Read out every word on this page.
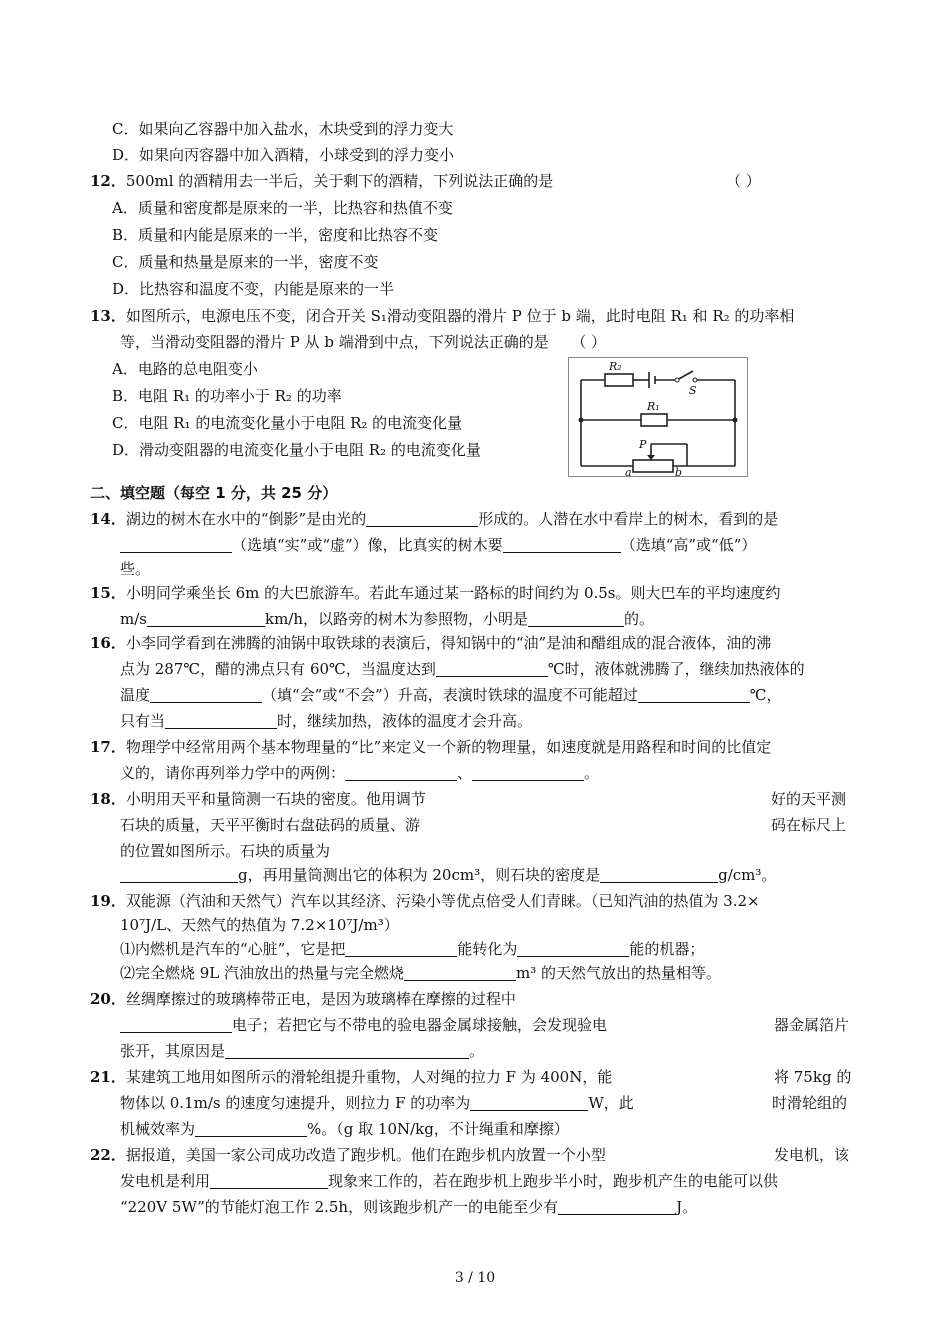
C．如果向乙容器中加入盐水，木块受到的浮力变大
D．如果向丙容器中加入酒精，小球受到的浮力变小
12．500ml 的酒精用去一半后，关于剩下的酒精，下列说法正确的是	（ ）
A．质量和密度都是原来的一半，比热容和热值不变
B．质量和内能是原来的一半，密度和比热容不变
C．质量和热量是原来的一半，密度不变
D．比热容和温度不变，内能是原来的一半
13．如图所示，电源电压不变，闭合开关 S₁滑动变阻器的滑片 P 位于 b 端，此时电阻 R₁ 和 R₂ 的功率相
等，当滑动变阻器的滑片 P 从 b 端滑到中点，下列说法正确的是　　（ ）
A．电路的总电阻变小
B．电阻 R₁ 的功率小于 R₂ 的功率
C．电阻 R₁ 的电流变化量小于电阻 R₂ 的电流变化量
D．滑动变阻器的电流变化量小于电阻 R₂ 的电流变化量
R₂
R₁
S
P
a	b
二、填空题（每空 1 分，共 25 分）
14．湖边的树木在水中的“倒影”是由光的	形成的。人潜在水中看岸上的树木，看到的是
（选填“实”或“虚”）像，比真实的树木要	（选填“高”或“低”）
些。
15．小明同学乘坐长 6m 的大巴旅游车。若此车通过某一路标的时间约为 0.5s。则大巴车的平均速度约
m/s	km/h，以路旁的树木为参照物，小明是	的。
16．小李同学看到在沸腾的油锅中取铁球的表演后，得知锅中的“油”是油和醋组成的混合液体，油的沸
点为 287℃，醋的沸点只有 60℃，当温度达到	℃时，液体就沸腾了，继续加热液体的
温度	（填“会”或“不会”）升高，表演时铁球的温度不可能超过	℃，
只有当	时，继续加热，液体的温度才会升高。
17．物理学中经常用两个基本物理量的“比”来定义一个新的物理量，如速度就是用路程和时间的比值定
义的，请你再列举力学中的两例：	、	。
18．小明用天平和量筒测一石块的密度。他用调节	好的天平测
石块的质量，天平平衡时右盘砝码的质量、游	码在标尺上
的位置如图所示。石块的质量为
g，再用量筒测出它的体积为 20cm³，则石块的密度是	g/cm³。
19．双能源（汽油和天然气）汽车以其经济、污染小等优点倍受人们青睐。（已知汽油的热值为 3.2×
10⁷J/L、天然气的热值为 7.2×10⁷J/m³）
⑴内燃机是汽车的“心脏”，它是把	能转化为	能的机器；
⑵完全燃烧 9L 汽油放出的热量与完全燃烧	m³ 的天然气放出的热量相等。
20．丝绸摩擦过的玻璃棒带正电，是因为玻璃棒在摩擦的过程中
电子；若把它与不带电的验电器金属球接触，会发现验电	器金属箔片
张开，其原因是	。
21．某建筑工地用如图所示的滑轮组提升重物，人对绳的拉力 F 为 400N，能	将 75kg 的
物体以 0.1m/s 的速度匀速提升，则拉力 F 的功率为	W，此	时滑轮组的
机械效率为	%。（g 取 10N/kg，不计绳重和摩擦）
22．据报道，美国一家公司成功改造了跑步机。他们在跑步机内放置一个小型	发电机，该
发电机是利用	现象来工作的，若在跑步机上跑步半小时，跑步机产生的电能可以供
“220V 5W”的节能灯泡工作 2.5h，则该跑步机产一的电能至少有	J。
3 / 10
